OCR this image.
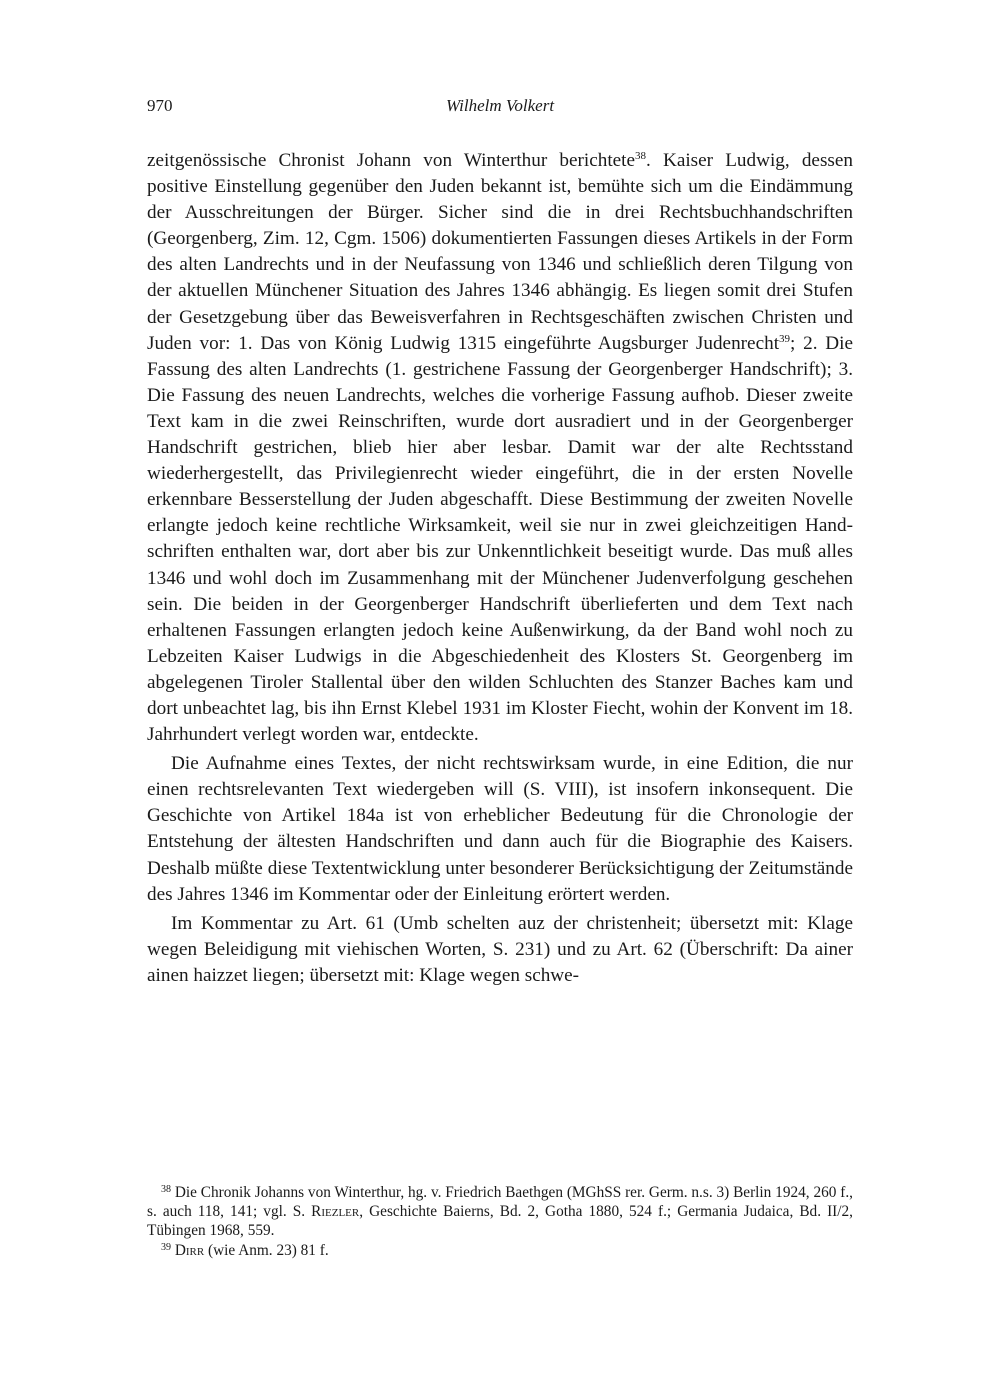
970	Wilhelm Volkert

zeitgenössische Chronist Johann von Winterthur berichtete$^{38}$. Kaiser Ludwig, dessen positive Einstellung gegenüber den Juden bekannt ist, bemühte sich um die Eindämmung der Ausschreitungen der Bürger. Sicher sind die in drei Rechtsbuchhandschriften (Georgenberg, Zim. 12, Cgm. 1506) dokumentierten Fassungen dieses Artikels in der Form des alten Landrechts und in der Neufassung von 1346 und schließlich deren Tilgung von der aktuellen Münchener Situation des Jahres 1346 abhängig. Es liegen somit drei Stufen der Gesetzgebung über das Beweisverfahren in Rechtsgeschäften zwischen Christen und Juden vor: 1. Das von König Ludwig 1315 eingeführte Augsburger Judenrecht$^{39}$; 2. Die Fassung des alten Landrechts (1. gestrichene Fassung der Georgenberger Handschrift); 3. Die Fassung des neuen Landrechts, welches die vorherige Fassung aufhob. Dieser zweite Text kam in die zwei Reinschriften, wurde dort ausradiert und in der Georgenberger Handschrift gestrichen, blieb hier aber lesbar. Damit war der alte Rechtsstand wiederhergestellt, das Privilegienrecht wieder eingeführt, die in der ersten Novelle erkennbare Besserstellung der Juden abgeschafft. Diese Bestimmung der zweiten Novelle erlangte jedoch keine rechtliche Wirksamkeit, weil sie nur in zwei gleichzeitigen Handschriften enthalten war, dort aber bis zur Unkenntlichkeit beseitigt wurde. Das muß alles 1346 und wohl doch im Zusammenhang mit der Münchener Judenverfolgung geschehen sein. Die beiden in der Georgenberger Handschrift überlieferten und dem Text nach erhaltenen Fassungen erlangten jedoch keine Außenwirkung, da der Band wohl noch zu Lebzeiten Kaiser Ludwigs in die Abgeschiedenheit des Klosters St. Georgenberg im abgelegenen Tiroler Stallental über den wilden Schluchten des Stanzer Baches kam und dort unbeachtet lag, bis ihn Ernst Klebel 1931 im Kloster Fiecht, wohin der Konvent im 18. Jahrhundert verlegt worden war, entdeckte.

Die Aufnahme eines Textes, der nicht rechtswirksam wurde, in eine Edition, die nur einen rechtsrelevanten Text wiedergeben will (S. VIII), ist insofern inkonsequent. Die Geschichte von Artikel 184a ist von erheblicher Bedeutung für die Chronologie der Entstehung der ältesten Handschriften und dann auch für die Biographie des Kaisers. Deshalb müßte diese Textentwicklung unter besonderer Berücksichtigung der Zeitumstände des Jahres 1346 im Kommentar oder der Einleitung erörtert werden.

Im Kommentar zu Art. 61 (Umb schelten auz der christenheit; übersetzt mit: Klage wegen Beleidigung mit viehischen Worten, S. 231) und zu Art. 62 (Überschrift: Da ainer ainen haizzet liegen; übersetzt mit: Klage wegen schwe-

$^{38}$ Die Chronik Johanns von Winterthur, hg. v. Friedrich Baethgen (MGhSS rer. Germ. n.s. 3) Berlin 1924, 260 f., s. auch 118, 141; vgl. S. Riezler, Geschichte Baierns, Bd. 2, Gotha 1880, 524 f.; Germania Judaica, Bd. II/2, Tübingen 1968, 559.

$^{39}$ Dirr (wie Anm. 23) 81 f.
